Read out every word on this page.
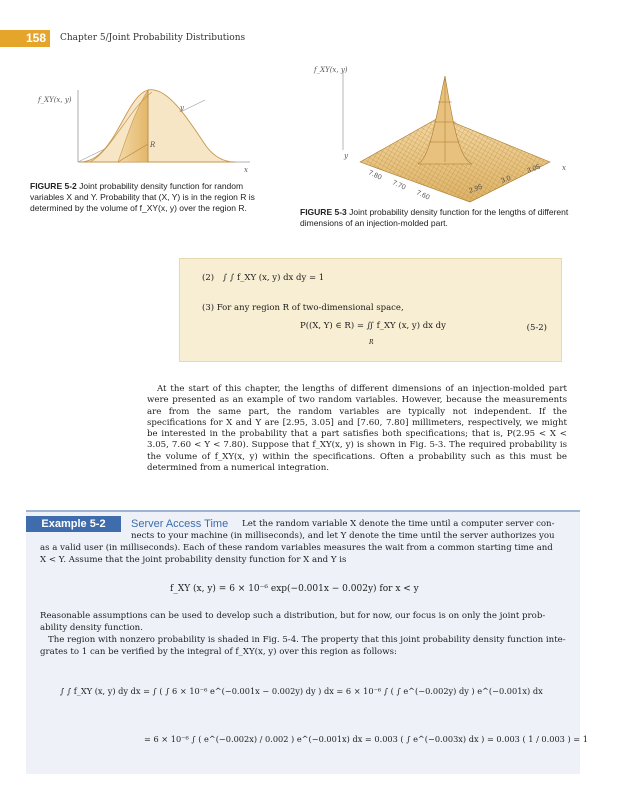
158	Chapter 5/Joint Probability Distributions
f_XY(x, y)
y
x
R
FIGURE 5-2 Joint probability density function for random variables X and Y. Probability that (X, Y) is in the region R is determined by the volume of f_XY(x, y) over the region R.
f_XY(x, y)
y
x
7.80
7.70
7.60
2.95
3.0
3.05
FIGURE 5-3 Joint probability density function for the lengths of different dimensions of an injection-molded part.
(2) ∫ ∫ f_XY (x, y) dx dy = 1
(3) For any region R of two-dimensional space,
P((X, Y) ∈ R) = ∬ f_XY (x, y) dx dy
R
(5-2)

At the start of this chapter, the lengths of different dimensions of an injection-molded part were presented as an example of two random variables. However, because the measurements are from the same part, the random variables are typically not independent. If the specifications for X and Y are [2.95, 3.05] and [7.60, 7.80] millimeters, respectively, we might be interested in the probability that a part satisfies both specifications; that is, P(2.95 < X < 3.05, 7.60 < Y < 7.80). Suppose that f_XY(x, y) is shown in Fig. 5-3. The required probability is the volume of f_XY(x, y) within the specifications. Often a probability such as this must be determined from a numerical integration.

Example 5-2	Server Access Time Let the random variable X denote the time until a computer server con-
nects to your machine (in milliseconds), and let Y denote the time until the server authorizes you
as a valid user (in milliseconds). Each of these random variables measures the wait from a common starting time and
X < Y. Assume that the joint probability density function for X and Y is
f_XY (x, y) = 6 × 10⁻⁶ exp(−0.001x − 0.002y) for x < y
Reasonable assumptions can be used to develop such a distribution, but for now, our focus is on only the joint prob-
ability density function.
The region with nonzero probability is shaded in Fig. 5-4. The property that this joint probability density function inte-
grates to 1 can be verified by the integral of f_XY(x, y) over this region as follows:
∫ ∫ f_XY (x, y) dy dx = ∫ ( ∫ 6 × 10⁻⁶ e^(−0.001x − 0.002y) dy ) dx = 6 × 10⁻⁶ ∫ ( ∫ e^(−0.002y) dy ) e^(−0.001x) dx
= 6 × 10⁻⁶ ∫ ( e^(−0.002x) / 0.002 ) e^(−0.001x) dx = 0.003 ( ∫ e^(−0.003x) dx ) = 0.003 ( 1 / 0.003 ) = 1
